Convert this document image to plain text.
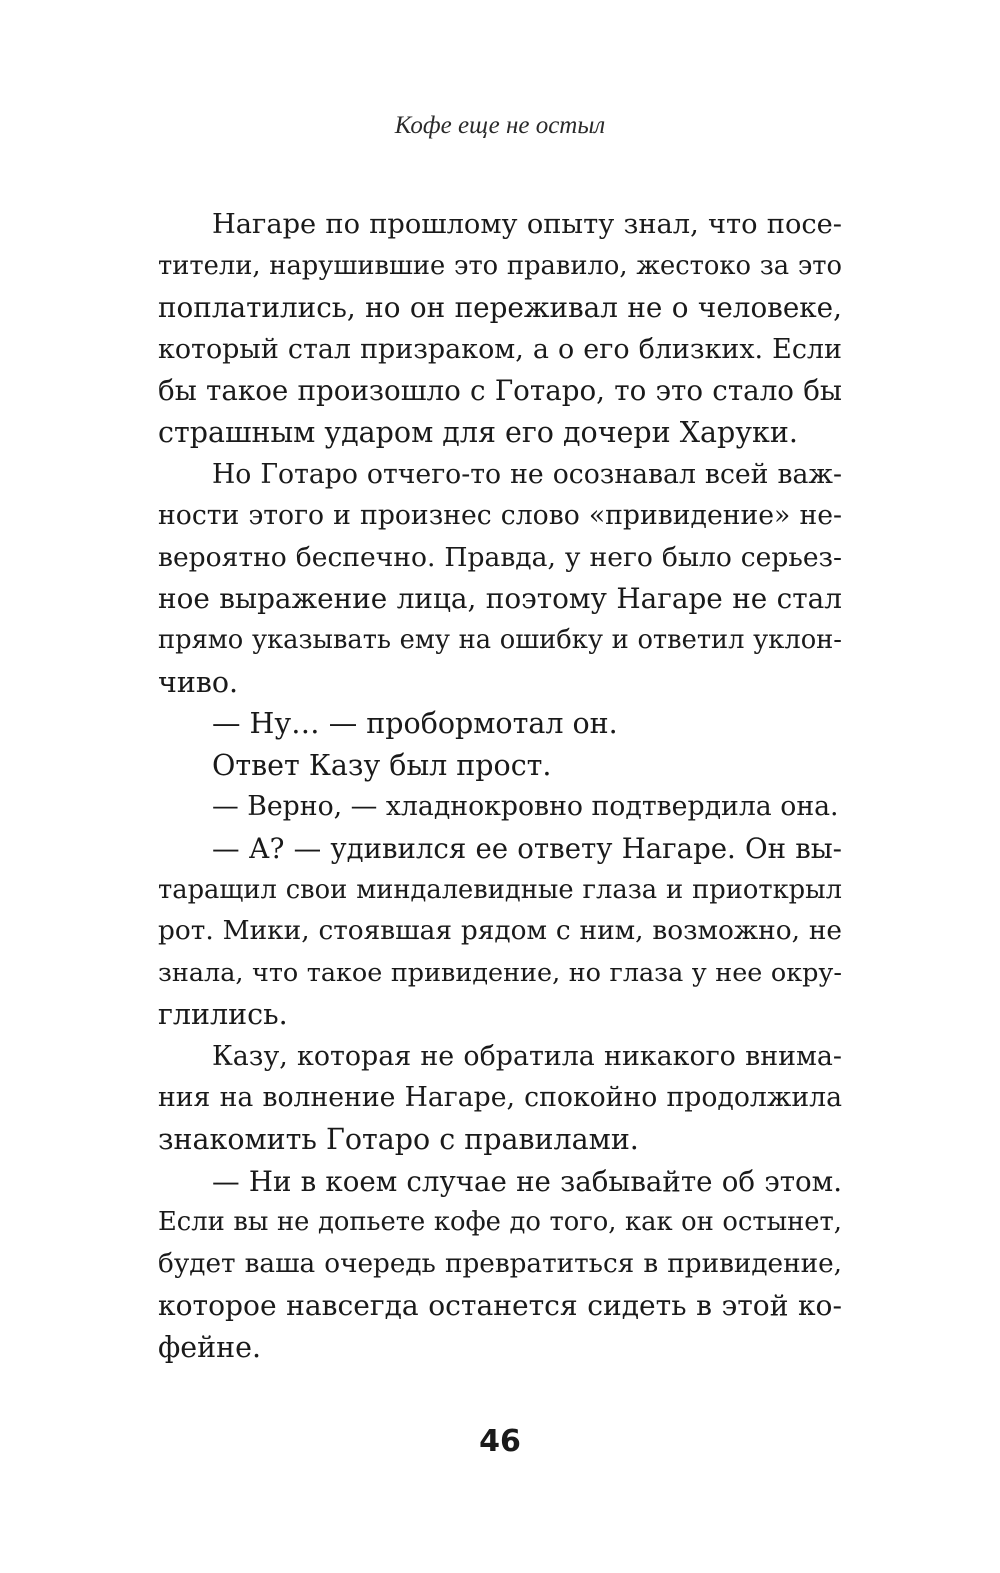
Кофе еще не остыл
Нагаре по прошлому опыту знал, что посе-
тители, нарушившие это правило, жестоко за это
поплатились, но он переживал не о человеке,
который стал призраком, а о его близких. Если
бы такое произошло с Готаро, то это стало бы
страшным ударом для его дочери Харуки.
Но Готаро отчего-то не осознавал всей важ-
ности этого и произнес слово «привидение» не-
вероятно беспечно. Правда, у него было серьез-
ное выражение лица, поэтому Нагаре не стал
прямо указывать ему на ошибку и ответил уклон-
чиво.
— Ну… — пробормотал он.
Ответ Казу был прост.
— Верно, — хладнокровно подтвердила она.
— А? — удивился ее ответу Нагаре. Он вы-
таращил свои миндалевидные глаза и приоткрыл
рот. Мики, стоявшая рядом с ним, возможно, не
знала, что такое привидение, но глаза у нее окру-
глились.
Казу, которая не обратила никакого внима-
ния на волнение Нагаре, спокойно продолжила
знакомить Готаро с правилами.
— Ни в коем случае не забывайте об этом.
Если вы не допьете кофе до того, как он остынет,
будет ваша очередь превратиться в привидение,
которое навсегда останется сидеть в этой ко-
фейне.
46
